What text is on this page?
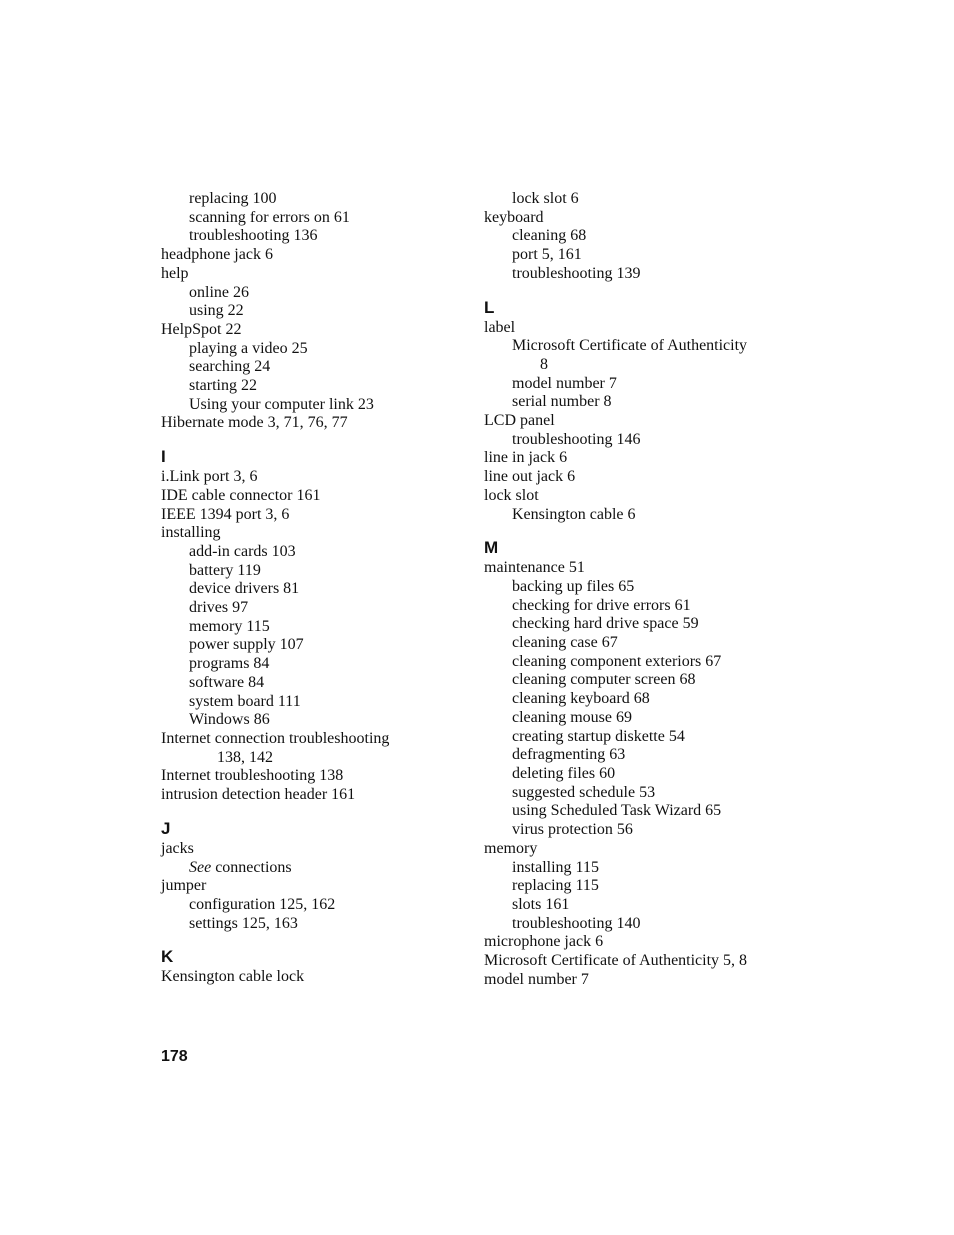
replacing 100
scanning for errors on 61
troubleshooting 136
headphone jack 6
help
online 26
using 22
HelpSpot 22
playing a video 25
searching 24
starting 22
Using your computer link 23
Hibernate mode 3, 71, 76, 77
I
i.Link port 3, 6
IDE cable connector 161
IEEE 1394 port 3, 6
installing
add-in cards 103
battery 119
device drivers 81
drives 97
memory 115
power supply 107
programs 84
software 84
system board 111
Windows 86
Internet connection troubleshooting
138, 142
Internet troubleshooting 138
intrusion detection header 161
J
jacks
See connections
jumper
configuration 125, 162
settings 125, 163
K
Kensington cable lock
lock slot 6
keyboard
cleaning 68
port 5, 161
troubleshooting 139
L
label
Microsoft Certificate of Authenticity
8
model number 7
serial number 8
LCD panel
troubleshooting 146
line in jack 6
line out jack 6
lock slot
Kensington cable 6
M
maintenance 51
backing up files 65
checking for drive errors 61
checking hard drive space 59
cleaning case 67
cleaning component exteriors 67
cleaning computer screen 68
cleaning keyboard 68
cleaning mouse 69
creating startup diskette 54
defragmenting 63
deleting files 60
suggested schedule 53
using Scheduled Task Wizard 65
virus protection 56
memory
installing 115
replacing 115
slots 161
troubleshooting 140
microphone jack 6
Microsoft Certificate of Authenticity 5, 8
model number 7
178
